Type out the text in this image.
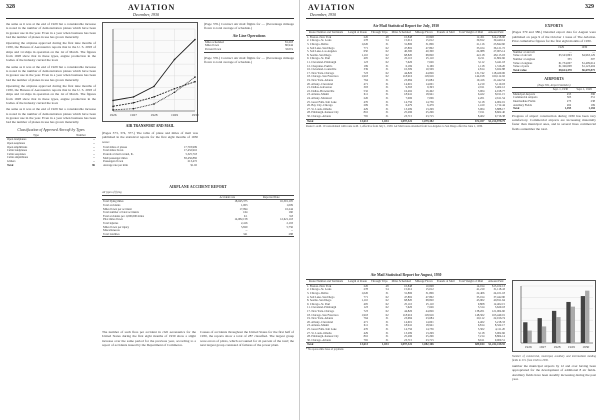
328	AVIATION
December, 1930

the same as it was at the end of 1929 but a considerable increase is noted in the number of demonstration planes which have been in greater use in the year. Even in a year when business has been bad the number of planes in use has grown materially.

Operating the airplane approved during the first nine months of 1930, the Bureau of Aeronautics reports that in the U. S. 2093 of ships and 14 ships in operation on the 1st of March. The figures from 1928 show that in these types, engine production in the bodies of the industry carried the load.

the same as it was at the end of 1929 but a considerable increase is noted in the number of demonstration planes which have been in greater use in the year. Even in a year when business has been bad the number of planes in use has grown materially.

Operating the airplane approved during the first nine months of 1930, the Bureau of Aeronautics reports that in the U. S. 2093 of ships and 14 ships in operation on the 1st of March. The figures from 1928 show that in these types, engine production in the bodies of the industry carried the load.

the same as it was at the end of 1929 but a considerable increase is noted in the number of demonstration planes which have been in greater use in the year. Even in a year when business has been bad the number of planes in use has grown materially.

Classification of Approved Aircraft by Types
Type	Number
Open landplanes	--
Open seaplanes	--
Open amphibians	--
Cabin landplanes	--
Cabin seaplanes	--
Cabin amphibians	--
Gliders	--
Total	86
1926	1927	1928	1929	1930
AIR TRANSPORT AND MAIL

(Pages 373, 374, 377.) The table of plane and miles of mail was published in the statistical reports for the first eight months of 1930 were:

Total miles of planes	17,703,999
Total miles flown	17,432,916
Pounds of mail carried, lb.	5,325,718
Mail passenger miles	83,456,882
Passengers flown	213,472
Average rate per mile	$1.02

(Page 376.) Contract Air mail flights for — (Percentage mileage flown to total average of schedule.)

Air Line Operations
Miles scheduled	81,218
Miles flown	80,944
Percent flown	99.6%

(Page 376.) Contract Air mail flights for — (Percentage mileage flown to total average of schedule.)

AIRPLANE ACCIDENT REPORT
All types of flying
	Accident rate	Reported Date
Total flying miles	18,045,375	16,391,105
Total accidents	1,003	1,009
Miles flown per accident	17,994	16,244
Total number of fatal accidents	164	160
Fatal accidents per 1,000,000 miles	9.1	9.8
Pilot miles flown	14,082,158	12,621,118
Total injuries	2,416	2,193
Miles flown per injury	5,829	5,756
Miscellaneous	--	--
Total fatalities	341	288

The number of such fires per accident in civil aeronautics for the United States during the first eight months of 1930 show a slight increase over the same period for the previous year, according to a report of accidents issued by the Department of Commerce.

Causes of accidents throughout the United States for the first half of 1930, the reports show a total of 287 classified. The largest group were errors of pilots, which accounted for 41 percent of the total; the next largest group consisted of failures of the power plant.

AVIATION
December, 1930
329
Air Mail Statistical Report for July, 1930
Route Number and Terminals	Length of Route	Through Trips	Miles Scheduled	Mileage Flown	Pounds of Mail	Total Weight of Mail	Amount Paid
1. Boston–New York	226	48	10,848	10,848	12,451		$14,218.90
2. Chicago–St. Louis	278	54	15,012	15,012	39,812		30,440.14
3. Chicago–Dallas	1,026	31	31,806	31,806	21,116		23,842.60
4. Salt Lake–San Diego	771	62	47,802	47,802	33,104		36,121.72
5. Salt Lake–Los Angeles	650	62	40,300	40,300	24,988		27,905.14
8. Seattle–San Diego	1,110	62	68,820	68,820	42,118		48,115.03
9. Chicago–St. Paul	405	62	25,110	25,110	9,211		11,802.66
11. Cleveland–Pittsburgh	123	62	7,626	7,626	3,112		3,441.18
12. Cheyenne–Pueblo	199	31	6,169	6,169	1,118		1,316.20
16. Cleveland–Louisville	339	31	10,509	10,509	2,814		3,922.88
17. New York–Chicago	723	62	44,826	44,826	131,742		118,420.06
18. Chicago–San Francisco	1,918	62	118,916	118,916	144,018		160,112.92
19. New York–Atlanta	764	31	23,684	23,684	19,416		21,442.54
20. Albany–Cleveland	471	31	14,601	14,601	4,219		5,110.03
21. Dallas–Galveston	303	31	9,393	9,393	2,911		3,402.12
22. Dallas–Brownsville	532	31	16,492	16,492	3,904		4,918.77
23. Atlanta–Miami	611	31	18,941	18,941	6,422		8,011.15
24. Albany–Montreal	226	31	7,006	7,006	2,201		2,611.54
25. Great Falls–Salt Lake	476	31	14,756	14,756	3,118		4,002.01
26. Bay City–Chicago	209	31	6,479	6,479	1,410		1,712.44
27. St. Louis–Omaha	429	31	13,299	13,299	3,004		3,888.17
28. Pittsburgh–Kansas City	816	31	25,296	25,296	7,011		8,602.40
30. Chicago–Atlanta	765	31	23,715	23,715	8,402		9,716.38
Total	13,613	1,034	1,097,322	1,079,382	672,457		$1,214,978.75
Route C.A.M. 10 consolidated with route A.M. 1, effective from July 1, 1930. Air Mail route extended from Los Angeles to San Diego effective June 1, 1930.
Air Mail Statistical Report for August, 1930
Route Number and Terminals	Length of Route	Through Trips	Miles Scheduled	Mileage Flown	Pounds of Mail	Total Weight of Mail	Amount Paid
1. Boston–New York	226	48	10,848	10,848	14,014		$15,102.13
2. Chicago–St. Louis	278	54	15,012	15,012	41,210		31,118.43
3. Chicago–Dallas	1,026	31	31,806	31,806	22,406		24,101.18
4. Salt Lake–San Diego	771	62	47,802	47,802	35,014		37,442.90
8. Seattle–San Diego	1,110	62	68,820	68,820	43,902		49,811.64
9. Chicago–St. Paul	405	62	25,110	25,110	9,808		12,402.15
11. Cleveland–Pittsburgh	123	62	7,626	7,626	3,314		3,620.18
17. New York–Chicago	723	62	44,826	44,826	138,201		121,004.60
18. Chicago–San Francisco	1,918	62	118,916	118,916	148,302		163,440.01
19. New York–Atlanta	764	31	23,684	23,684	20,112		22,016.74
20. Albany–Cleveland	471	31	14,601	14,601	4,402		5,218.33
23. Atlanta–Miami	611	31	18,941	18,941	6,814		8,322.17
25. Great Falls–Salt Lake	476	31	14,756	14,756	3,302		4,111.20
27. St. Louis–Omaha	429	31	13,299	13,299	3,118		3,902.66
28. Pittsburgh–Kansas City	816	31	25,296	25,296	7,214		8,804.14
30. Chicago–Atlanta	765	31	23,715	23,715	8,611		9,900.51
Total	13,613	1,034	1,097,322	1,082,106	689,044		$1,242,418.92
* No space-mile base of payment.
EXPORTS

(Pages 379 and 380.) Detailed export data for August were published on page 9 of the October 1 issue of The Aviation. Prior cumulative figures for the first eight months of 1930.

	1929	1930
Number of aircraft	—	—
Value of aircraft	$5,543,863	$4,963,129
Number of engines	355	307
Value of engines	$1,734,607	$1,409,614
Value of parts	$1,346,008	$1,123,404
Total value	$8,624,478	$6,670,875
AIRPORTS
(Page 382, Airport Statistics)
	Sept. 1, 1930	Sept. 1, 1929
Municipal Airports	453	396
Commercial Airports	505	351
Intermediate Fields	275	238
Auxiliary Fields	262	199
Total	1,495	1,184

Progress of airport construction during 1930 has been very satisfactory. Commercial airports are increasing materially faster than municipal ones, and in several lines commercial fields outnumber the total.

1926 1927 1928 1929 1930

Number of commercial, municipal, auxiliary and intermediate landing fields in U.S. from 1926 to 1930.

number the municipal airports by 12 and over having been appropriated for the development of additional 8 air fields. Auxiliary fields have been steadily increasing during the past year.
